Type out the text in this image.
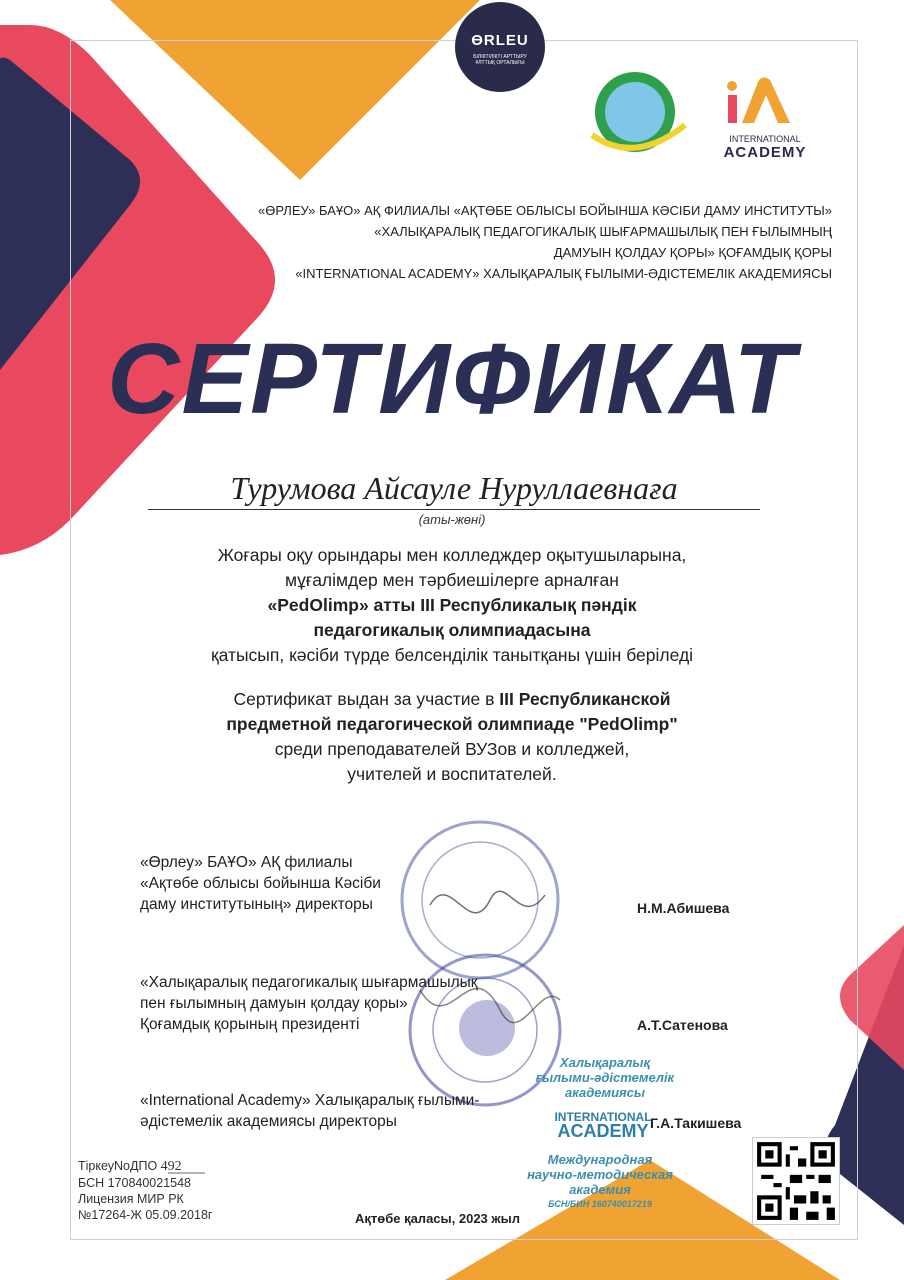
ӨRLEU
БІЛІКТІЛІКТІ АРТТЫРУ ҰЛТТЫҚ ОРТАЛЫҒЫ
INTERNATIONAL
ACADEMY
«ӨРЛЕУ» БАҰО» АҚ ФИЛИАЛЫ «АҚТӨБЕ ОБЛЫСЫ БОЙЫНША КӘСІБИ ДАМУ ИНСТИТУТЫ»
«ХАЛЫҚАРАЛЫҚ ПЕДАГОГИКАЛЫҚ ШЫҒАРМАШЫЛЫҚ ПЕН ҒЫЛЫМНЫҢ
ДАМУЫН ҚОЛДАУ ҚОРЫ» ҚОҒАМДЫҚ ҚОРЫ
«INTERNATIONAL ACADEMY» ХАЛЫҚАРАЛЫҚ ҒЫЛЫМИ-ӘДІСТЕМЕЛІК АКАДЕМИЯСЫ
СЕРТИФИКАТ
Турумова Айсауле Нуруллаевнаға
(аты-жөні)
Жоғары оқу орындары мен колледждер оқытушыларына,
мұғалімдер мен тәрбиешілерге арналған
«PedOlimp» атты III Республикалық пәндік
педагогикалық олимпиадасына
қатысып, кәсіби түрде белсенділік танытқаны үшін беріледі
Сертификат выдан за участие в III Республиканской
предметной педагогической олимпиаде "PedOlimp"
среди преподавателей ВУЗов и колледжей,
учителей и воспитателей.
«Өрлеу» БАҰО» АҚ филиалы
«Ақтөбе облысы бойынша Кәсіби
даму институтының» директоры	Н.М.Абишева
«Халықаралық педагогикалық шығармашылық
пен ғылымның дамуын қолдау қоры»
Қоғамдық қорының президенті	А.Т.Сатенова
«International Academy» Халықаралық ғылыми-
әдістемелік академиясы директоры	Г.А.Такишева
Халықаралық
ғылыми-әдістемелік
академиясы
INTERNATIONAL
ACADEMY
Международная
научно-методическая
академия
БСН/БИН 160740017219
ТіркеуNoДПО 492
БСН 170840021548
Лицензия МИР РК
№17264-Ж 05.09.2018г	Ақтөбе қаласы, 2023 жыл
